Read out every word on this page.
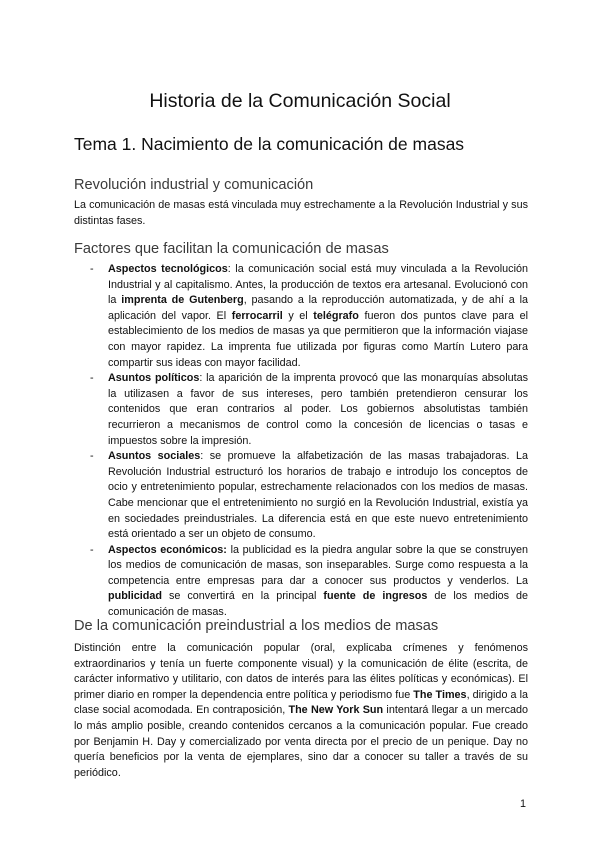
Historia de la Comunicación Social
Tema 1. Nacimiento de la comunicación de masas
Revolución industrial y comunicación

La comunicación de masas está vinculada muy estrechamente a la Revolución Industrial y sus distintas fases.

Factores que facilitan la comunicación de masas
- Aspectos tecnológicos: la comunicación social está muy vinculada a la Revolución Industrial y al capitalismo. Antes, la producción de textos era artesanal. Evolucionó con la imprenta de Gutenberg, pasando a la reproducción automatizada, y de ahí a la aplicación del vapor. El ferrocarril y el telégrafo fueron dos puntos clave para el establecimiento de los medios de masas ya que permitieron que la información viajase con mayor rapidez. La imprenta fue utilizada por figuras como Martín Lutero para compartir sus ideas con mayor facilidad.
- Asuntos políticos: la aparición de la imprenta provocó que las monarquías absolutas la utilizasen a favor de sus intereses, pero también pretendieron censurar los contenidos que eran contrarios al poder. Los gobiernos absolutistas también recurrieron a mecanismos de control como la concesión de licencias o tasas e impuestos sobre la impresión.
- Asuntos sociales: se promueve la alfabetización de las masas trabajadoras. La Revolución Industrial estructuró los horarios de trabajo e introdujo los conceptos de ocio y entretenimiento popular, estrechamente relacionados con los medios de masas. Cabe mencionar que el entretenimiento no surgió en la Revolución Industrial, existía ya en sociedades preindustriales. La diferencia está en que este nuevo entretenimiento está orientado a ser un objeto de consumo.
- Aspectos económicos: la publicidad es la piedra angular sobre la que se construyen los medios de comunicación de masas, son inseparables. Surge como respuesta a la competencia entre empresas para dar a conocer sus productos y venderlos. La publicidad se convertirá en la principal fuente de ingresos de los medios de comunicación de masas.
De la comunicación preindustrial a los medios de masas

Distinción entre la comunicación popular (oral, explicaba crímenes y fenómenos extraordinarios y tenía un fuerte componente visual) y la comunicación de élite (escrita, de carácter informativo y utilitario, con datos de interés para las élites políticas y económicas). El primer diario en romper la dependencia entre política y periodismo fue The Times, dirigido a la clase social acomodada. En contraposición, The New York Sun intentará llegar a un mercado lo más amplio posible, creando contenidos cercanos a la comunicación popular. Fue creado por Benjamin H. Day y comercializado por venta directa por el precio de un penique. Day no quería beneficios por la venta de ejemplares, sino dar a conocer su taller a través de su periódico.

1
